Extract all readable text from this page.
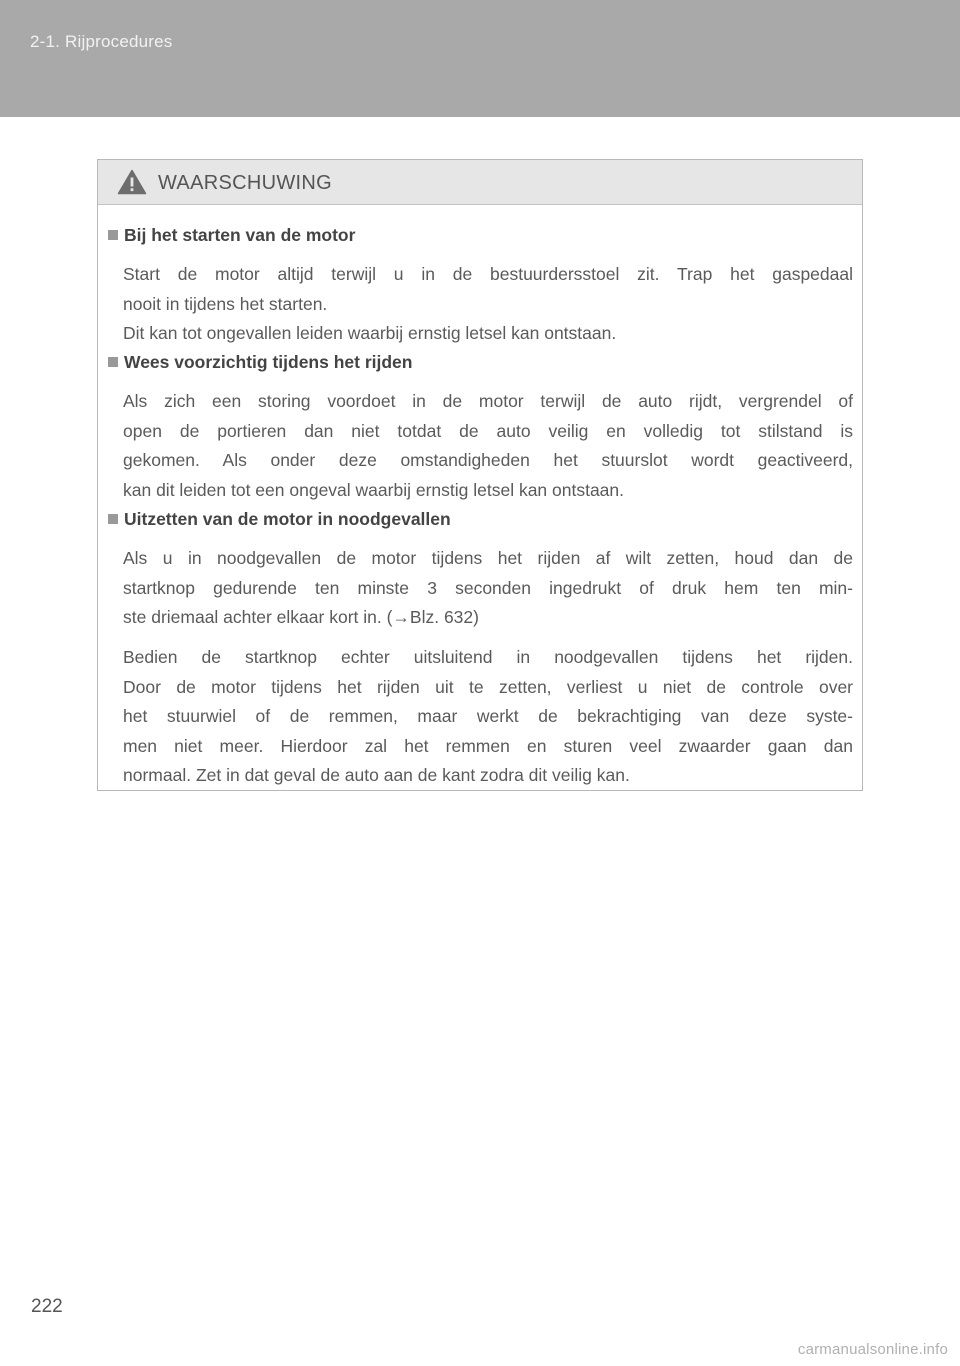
2-1. Rijprocedures
WAARSCHUWING
Bij het starten van de motor
Start de motor altijd terwijl u in de bestuurdersstoel zit. Trap het gaspedaal
nooit in tijdens het starten.
Dit kan tot ongevallen leiden waarbij ernstig letsel kan ontstaan.
Wees voorzichtig tijdens het rijden
Als zich een storing voordoet in de motor terwijl de auto rijdt, vergrendel of
open de portieren dan niet totdat de auto veilig en volledig tot stilstand is
gekomen. Als onder deze omstandigheden het stuurslot wordt geactiveerd,
kan dit leiden tot een ongeval waarbij ernstig letsel kan ontstaan.
Uitzetten van de motor in noodgevallen
Als u in noodgevallen de motor tijdens het rijden af wilt zetten, houd dan de
startknop gedurende ten minste 3 seconden ingedrukt of druk hem ten min-
ste driemaal achter elkaar kort in. (→Blz. 632)
Bedien de startknop echter uitsluitend in noodgevallen tijdens het rijden.
Door de motor tijdens het rijden uit te zetten, verliest u niet de controle over
het stuurwiel of de remmen, maar werkt de bekrachtiging van deze syste-
men niet meer. Hierdoor zal het remmen en sturen veel zwaarder gaan dan
normaal. Zet in dat geval de auto aan de kant zodra dit veilig kan.
222
carmanualsonline.info
